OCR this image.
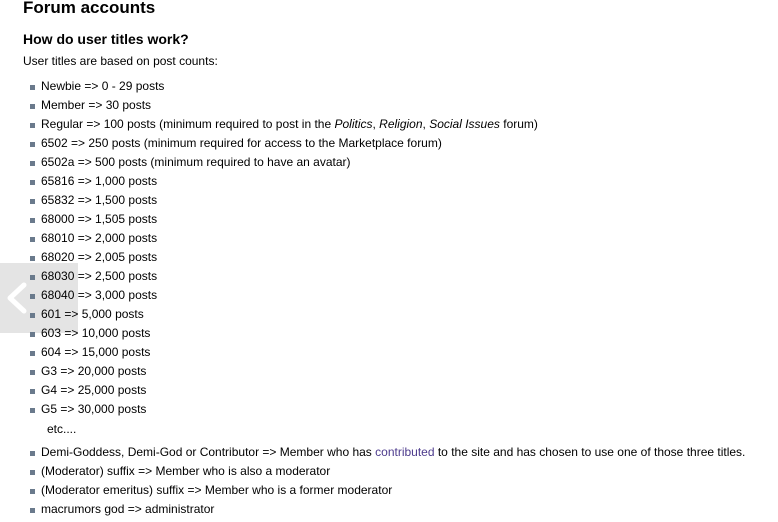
Forum accounts
How do user titles work?

User titles are based on post counts:

Newbie => 0 - 29 posts
Member => 30 posts
Regular => 100 posts (minimum required to post in the Politics, Religion, Social Issues forum)
6502 => 250 posts (minimum required for access to the Marketplace forum)
6502a => 500 posts (minimum required to have an avatar)
65816 => 1,000 posts
65832 => 1,500 posts
68000 => 1,505 posts
68010 => 2,000 posts
68020 => 2,005 posts
68030 => 2,500 posts
68040 => 3,000 posts
601 => 5,000 posts
603 => 10,000 posts
604 => 15,000 posts
G3 => 20,000 posts
G4 => 25,000 posts
G5 => 30,000 posts

etc....

Demi-Goddess, Demi-God or Contributor => Member who has contributed to the site and has chosen to use one of those three titles.
(Moderator) suffix => Member who is also a moderator
(Moderator emeritus) suffix => Member who is a former moderator
macrumors god => administrator
